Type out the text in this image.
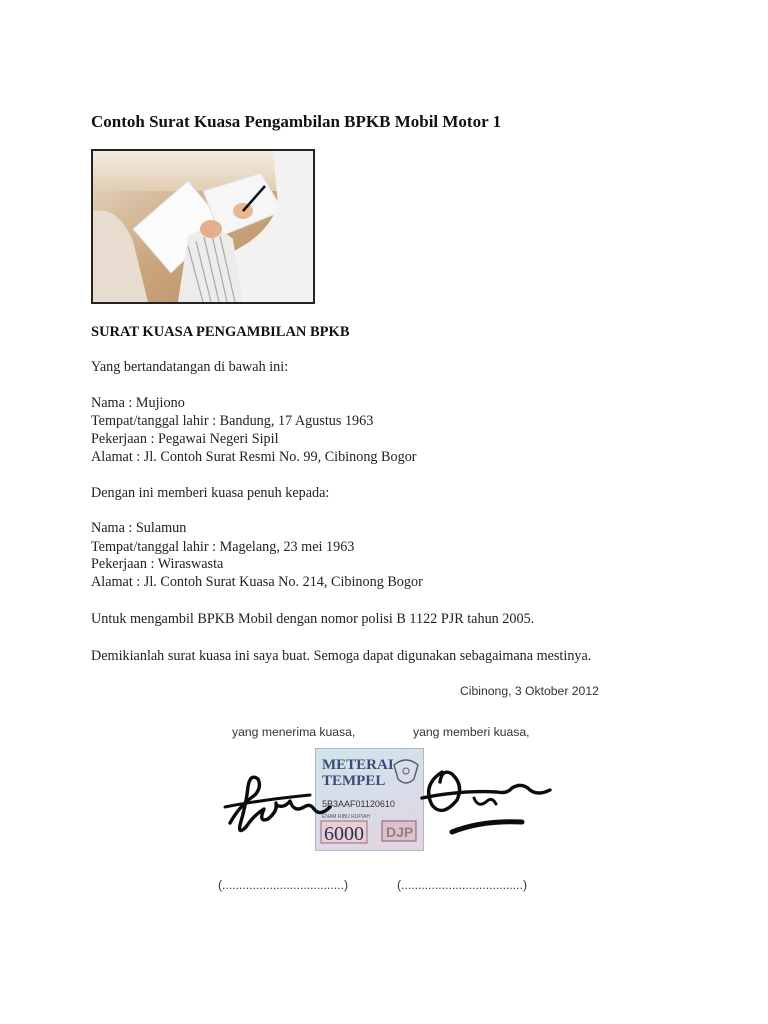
Contoh Surat Kuasa Pengambilan BPKB Mobil Motor 1
SURAT KUASA PENGAMBILAN BPKB
Yang bertandatangan di bawah ini:
Nama : Mujiono
Tempat/tanggal lahir : Bandung, 17 Agustus 1963
Pekerjaan : Pegawai Negeri Sipil
Alamat : Jl. Contoh Surat Resmi No. 99, Cibinong Bogor
Dengan ini memberi kuasa penuh kepada:
Nama : Sulamun
Tempat/tanggal lahir : Magelang, 23 mei 1963
Pekerjaan : Wiraswasta
Alamat : Jl. Contoh Surat Kuasa No. 214, Cibinong Bogor
Untuk mengambil BPKB Mobil dengan nomor polisi B 1122 PJR tahun 2005.
Demikianlah surat kuasa ini saya buat. Semoga dapat digunakan sebagaimana mestinya.
Cibinong, 3 Oktober 2012
yang menerima kuasa,	yang memberi kuasa,
METERAI
TEMPEL
5B3AAF01120610
ENAM RIBU RUPIAH
6000 DJP
(....................................)	(....................................)
